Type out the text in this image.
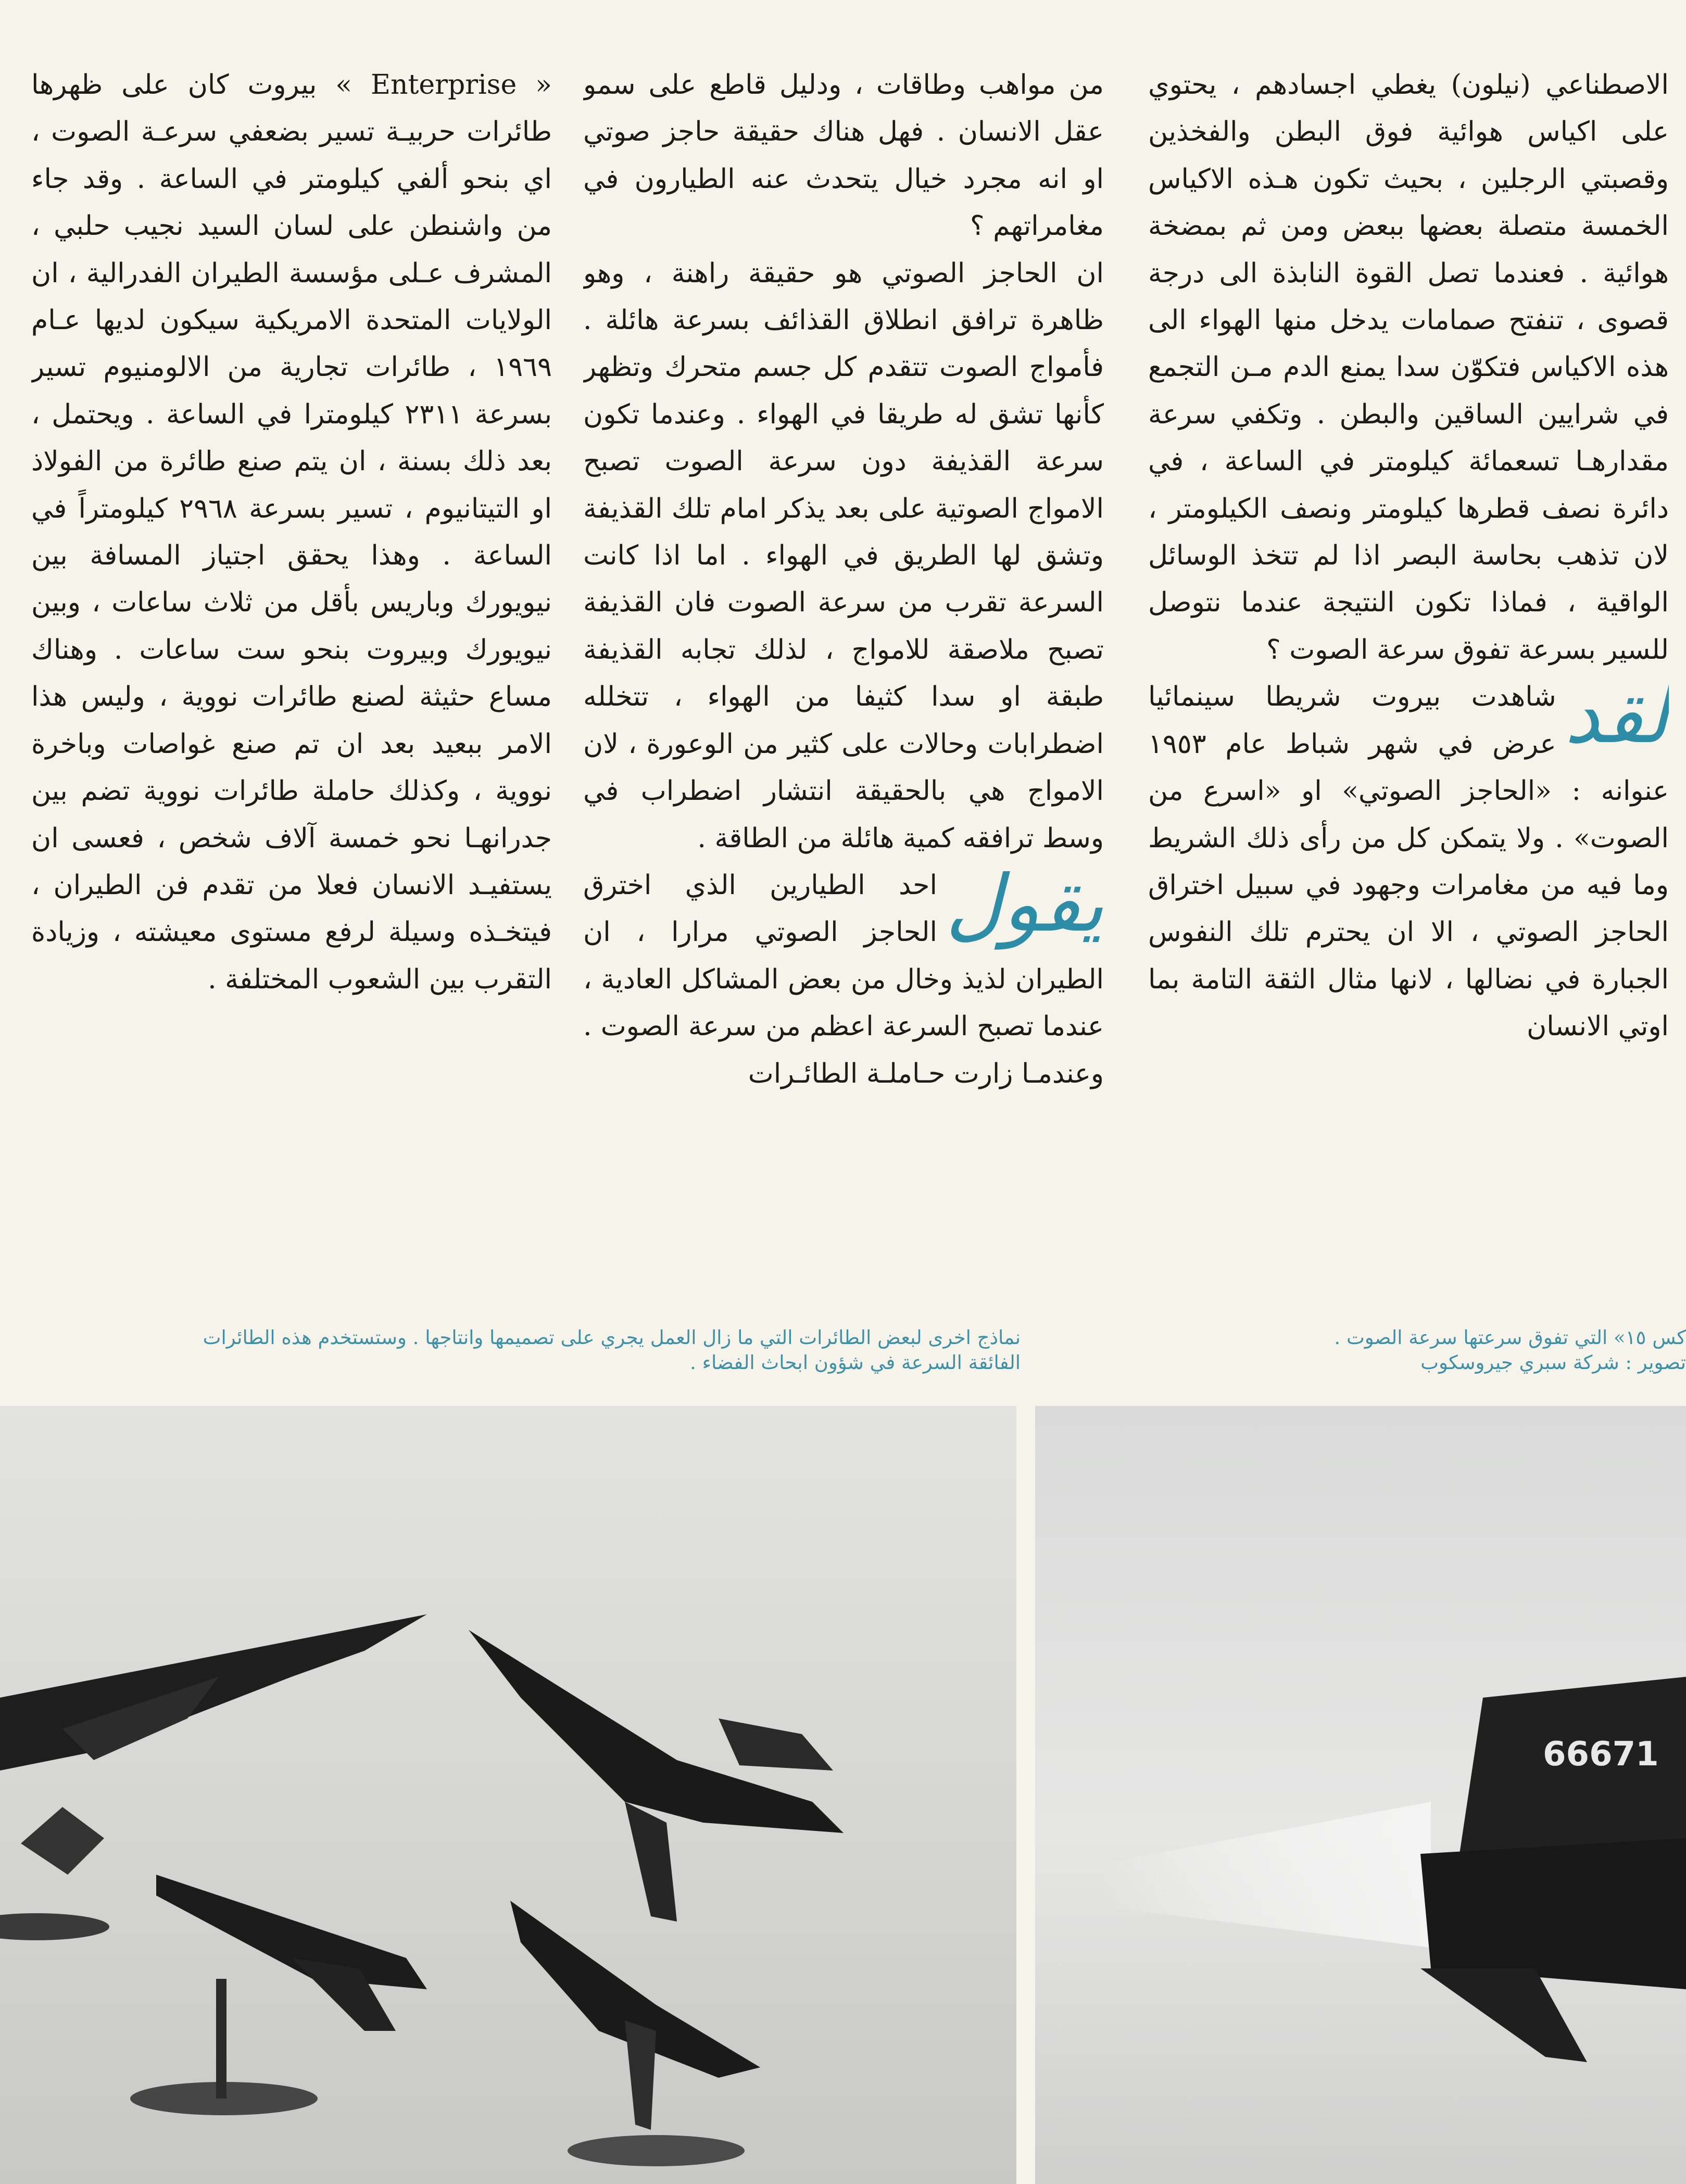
الاصطناعي (نيلون) يغطي اجسادهم ، يحتوي على اكياس هوائية فوق البطن والفخذين وقصبتي الرجلين ، بحيث تكون هـذه الاكياس الخمسة متصلة بعضها ببعض ومن ثم بمضخة هوائية . فعندما تصل القوة النابذة الى درجة قصوى ، تنفتح صمامات يدخل منها الهواء الى هذه الاكياس فتكوّن سدا يمنع الدم مـن التجمع في شرايين الساقين والبطن . وتكفي سرعة مقدارهـا تسعمائة كيلومتر في الساعة ، في دائرة نصف قطرها كيلومتر ونصف الكيلومتر ، لان تذهب بحاسة البصر اذا لم تتخذ الوسائل الواقية ، فماذا تكون النتيجة عندما نتوصل للسير بسرعة تفوق سرعة الصوت ؟

لقد
شاهدت بيروت شريطا سينمائيا عرض في شهر شباط عام ١٩٥٣ عنوانه : «الحاجز الصوتي» او «اسرع من الصوت» . ولا يتمكن كل من رأى ذلك الشريط وما فيه من مغامرات وجهود في سبيل اختراق الحاجز الصوتي ، الا ان يحترم تلك النفوس الجبارة في نضالها ، لانها مثال الثقة التامة بما اوتي الانسان

من مواهب وطاقات ، ودليل قاطع على سمو عقل الانسان . فهل هناك حقيقة حاجز صوتي او انه مجرد خيال يتحدث عنه الطيارون في مغامراتهم ؟

ان الحاجز الصوتي هو حقيقة راهنة ، وهو ظاهرة ترافق انطلاق القذائف بسرعة هائلة . فأمواج الصوت تتقدم كل جسم متحرك وتظهر كأنها تشق له طريقا في الهواء . وعندما تكون سرعة القذيفة دون سرعة الصوت تصبح الامواج الصوتية على بعد يذكر امام تلك القذيفة وتشق لها الطريق في الهواء . اما اذا كانت السرعة تقرب من سرعة الصوت فان القذيفة تصبح ملاصقة للامواج ، لذلك تجابه القذيفة طبقة او سدا كثيفا من الهواء ، تتخلله اضطرابات وحالات على كثير من الوعورة ، لان الامواج هي بالحقيقة انتشار اضطراب في وسط ترافقه كمية هائلة من الطاقة .

يقول
احد الطيارين الذي اخترق الحاجز الصوتي مرارا ، ان الطيران لذيذ وخال من بعض المشاكل العادية ، عندما تصبح السرعة اعظم من سرعة الصوت . وعندمـا زارت حـاملـة الطائـرات

« Enterprise » بيروت كان على ظهرها طائرات حربيـة تسير بضعفي سرعـة الصوت ، اي بنحو ألفي كيلومتر في الساعة . وقد جاء من واشنطن على لسان السيد نجيب حلبي ، المشرف عـلى مؤسسة الطيران الفدرالية ، ان الولايات المتحدة الامريكية سيكون لديها عـام ١٩٦٩ ، طائرات تجارية من الالومنيوم تسير بسرعة ٢٣١١ كيلومترا في الساعة . ويحتمل ، بعد ذلك بسنة ، ان يتم صنع طائرة من الفولاذ او التيتانيوم ، تسير بسرعة ٢٩٦٨ كيلومتراً في الساعة . وهذا يحقق اجتياز المسافة بين نيويورك وباريس بأقل من ثلاث ساعات ، وبين نيويورك وبيروت بنحو ست ساعات . وهناك مساع حثيثة لصنع طائرات نووية ، وليس هذا الامر ببعيد بعد ان تم صنع غواصات وباخرة نووية ، وكذلك حاملة طائرات نووية تضم بين جدرانهـا نحو خمسة آلاف شخص ، فعسى ان يستفيـد الانسان فعلا من تقدم فن الطيران ، فيتخـذه وسيلة لرفع مستوى معيشته ، وزيادة التقرب بين الشعوب المختلفة .

كس ١٥» التي تفوق سرعتها سرعة الصوت .
تصوير : شركة سبري جيروسكوب
نماذج اخرى لبعض الطائرات التي ما زال العمل يجري على تصميمها وانتاجها . وستستخدم هذه الطائرات
الفائقة السرعة في شؤون ابحاث الفضاء .
66671
